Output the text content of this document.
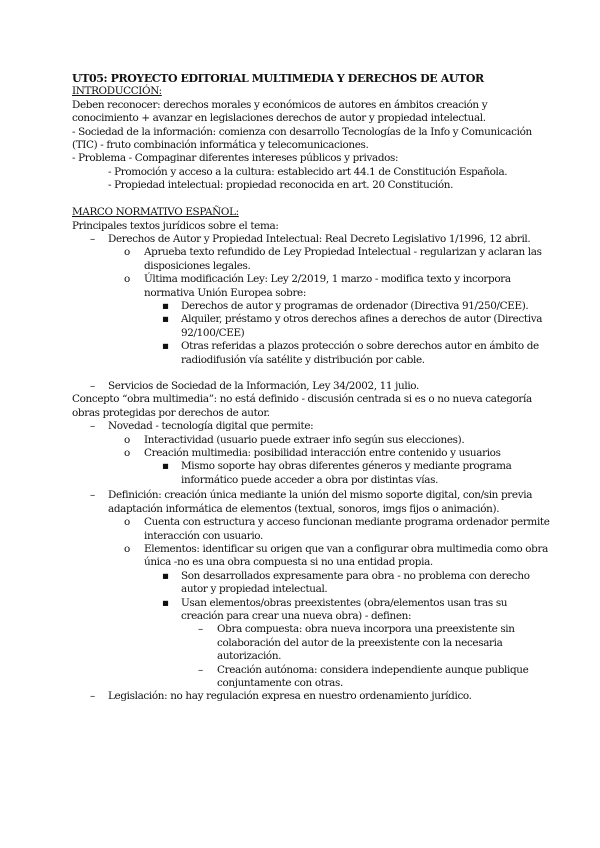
UT05: PROYECTO EDITORIAL MULTIMEDIA Y DERECHOS DE AUTOR
INTRODUCCIÓN:
Deben reconocer: derechos morales y económicos de autores en ámbitos creación y
conocimiento + avanzar en legislaciones derechos de autor y propiedad intelectual.
- Sociedad de la información: comienza con desarrollo Tecnologías de la Info y Comunicación
(TIC) - fruto combinación informática y telecomunicaciones.
- Problema - Compaginar diferentes intereses públicos y privados:
- Promoción y acceso a la cultura: establecido art 44.1 de Constitución Española.
- Propiedad intelectual: propiedad reconocida en art. 20 Constitución.
MARCO NORMATIVO ESPAÑOL:
Principales textos jurídicos sobre el tema:
– Derechos de Autor y Propiedad Intelectual: Real Decreto Legislativo 1/1996, 12 abril.
o Aprueba texto refundido de Ley Propiedad Intelectual - regularizan y aclaran las disposiciones legales.
o Última modificación Ley: Ley 2/2019, 1 marzo - modifica texto y incorpora normativa Unión Europea sobre:
▪ Derechos de autor y programas de ordenador (Directiva 91/250/CEE).
▪ Alquiler, préstamo y otros derechos afines a derechos de autor (Directiva 92/100/CEE)
▪ Otras referidas a plazos protección o sobre derechos autor en ámbito de radiodifusión vía satélite y distribución por cable.
– Servicios de Sociedad de la Información, Ley 34/2002, 11 julio.
Concepto “obra multimedia”: no está definido - discusión centrada si es o no nueva categoría obras protegidas por derechos de autor.
– Novedad - tecnología digital que permite:
o Interactividad (usuario puede extraer info según sus elecciones).
o Creación multimedia: posibilidad interacción entre contenido y usuarios
▪ Mismo soporte hay obras diferentes géneros y mediante programa informático puede acceder a obra por distintas vías.
– Definición: creación única mediante la unión del mismo soporte digital, con/sin previa adaptación informática de elementos (textual, sonoros, imgs fijos o animación).
o Cuenta con estructura y acceso funcionan mediante programa ordenador permite interacción con usuario.
o Elementos: identificar su origen que van a configurar obra multimedia como obra única -no es una obra compuesta si no una entidad propia.
▪ Son desarrollados expresamente para obra - no problema con derecho autor y propiedad intelectual.
▪ Usan elementos/obras preexistentes (obra/elementos usan tras su creación para crear una nueva obra) - definen:
– Obra compuesta: obra nueva incorpora una preexistente sin colaboración del autor de la preexistente con la necesaria autorización.
– Creación autónoma: considera independiente aunque publique conjuntamente con otras.
– Legislación: no hay regulación expresa en nuestro ordenamiento jurídico.
